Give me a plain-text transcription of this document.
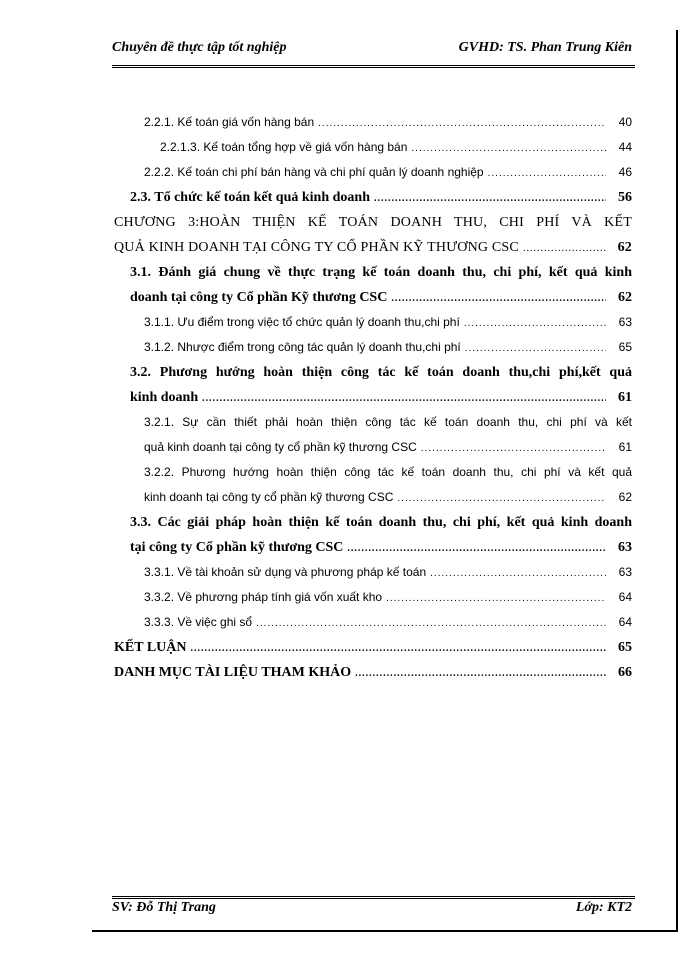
Chuyên đề thực tập tốt nghiệp	GVHD: TS. Phan Trung Kiên
2.2.1. Kế toán giá vốn hàng bán .....	40
2.2.1.3. Kế toán tổng hợp về giá vốn hàng bán .....	44
2.2.2. Kế toán chi phí bán hàng và chi phí quản lý doanh nghiệp .....	46
2.3. Tổ chức kế toán kết quả kinh doanh .....	56
CHƯƠNG 3:HOÀN THIỆN KẾ TOÁN DOANH THU, CHI PHÍ VÀ KẾT
QUẢ KINH DOANH TẠI CÔNG TY CỔ PHẦN KỸ THƯƠNG CSC .....	62
3.1. Đánh giá chung về thực trạng kế toán doanh thu, chi phí, kết quả kinh
doanh tại công ty Cổ phần Kỹ thương CSC .....	62
3.1.1. Ưu điểm trong việc tổ chức quản lý doanh thu,chi phí .....	63
3.1.2. Nhược điểm trong công tác quản lý doanh thu,chi phí .....	65
3.2. Phương hướng hoàn thiện công tác kế toán doanh thu,chi phí,kết quả
kinh doanh .....	61
3.2.1. Sự cần thiết phải hoàn thiện công tác kế toán doanh thu, chi phí và kết
quả kinh doanh tại công ty cổ phần kỹ thương CSC .....	61
3.2.2. Phương hướng hoàn thiện công tác kế toán doanh thu, chi phí và kết quả
kinh doanh tại công ty cổ phần kỹ thương CSC .....	62
3.3. Các giải pháp hoàn thiện kế toán doanh thu, chi phí, kết quả kinh doanh
tại công ty Cổ phần kỹ thương CSC .....	63
3.3.1. Về tài khoản sử dụng và phương pháp kế toán .....	63
3.3.2. Về phương pháp tính giá vốn xuất kho .....	64
3.3.3. Về việc ghi sổ .....	64
KẾT LUẬN .....	65
DANH MỤC TÀI LIỆU THAM KHẢO .....	66
SV: Đỗ Thị Trang	Lớp: KT2
